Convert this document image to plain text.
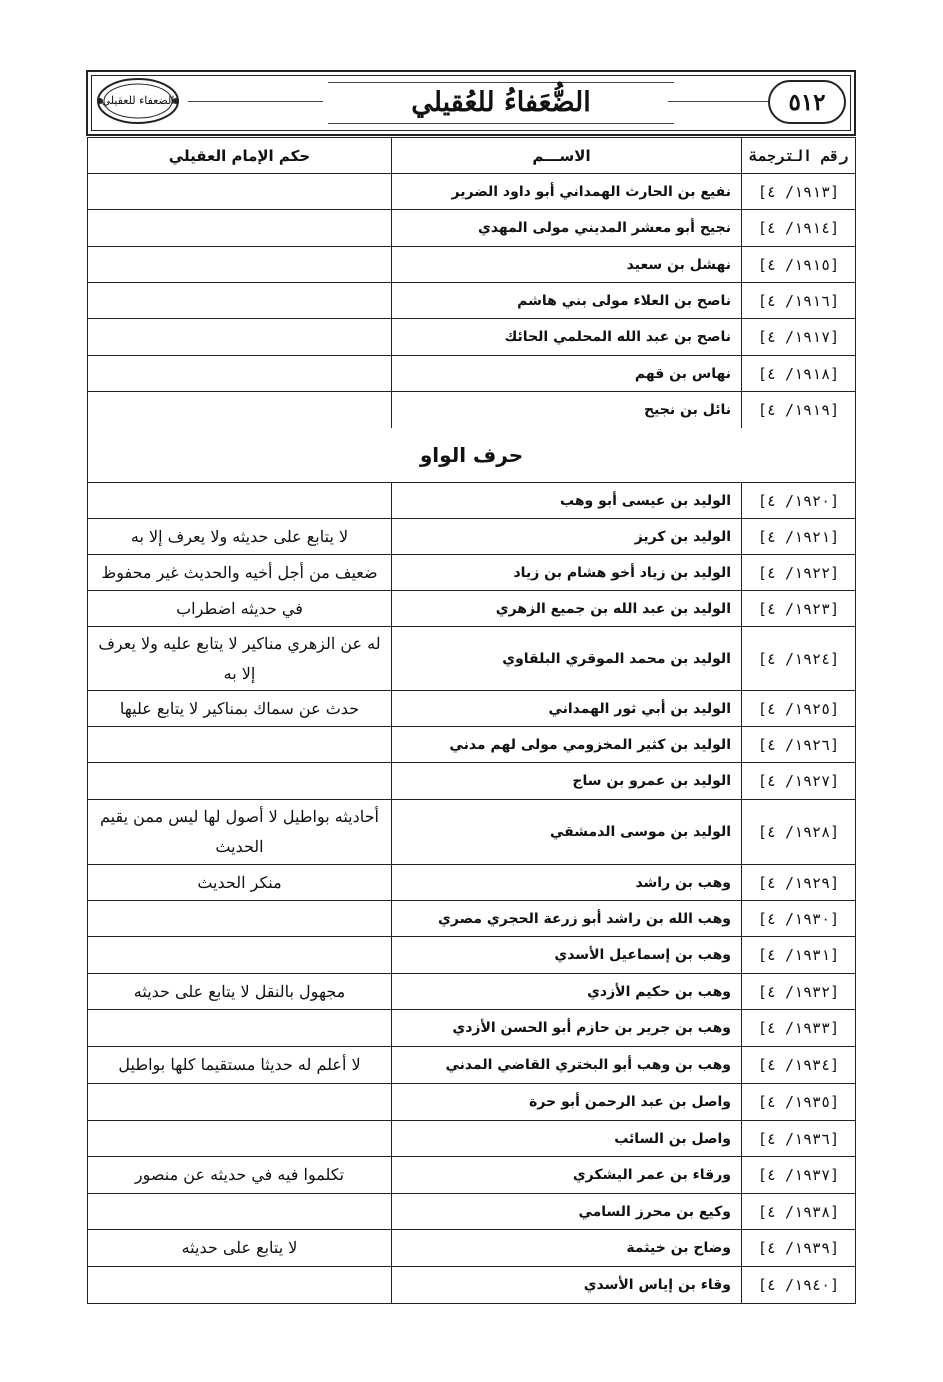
الضُّعَفاءُ للعُقيلي	٥١٢
الضعفاء للعقيلي
رقم الترجمة
الاســـم
حكم الإمام العقيلي
[١٩١٣/ ٤]
نفيع بن الحارث الهمداني أبو داود الضرير
[١٩١٤/ ٤]
نجيح أبو معشر المديني مولى المهدي
[١٩١٥/ ٤]
نهشل بن سعيد
[١٩١٦/ ٤]
ناصح بن العلاء مولى بني هاشم
[١٩١٧/ ٤]
ناصح بن عبد الله المحلمي الحائك
[١٩١٨/ ٤]
نهاس بن قهم
[١٩١٩/ ٤]
نائل بن نجيح
حرف الواو
[١٩٢٠/ ٤]
الوليد بن عيسى أبو وهب
[١٩٢١/ ٤]
الوليد بن كريز
لا يتابع على حديثه ولا يعرف إلا به
[١٩٢٢/ ٤]
الوليد بن زياد أخو هشام بن زياد
ضعيف من أجل أخيه والحديث غير محفوظ
[١٩٢٣/ ٤]
الوليد بن عبد الله بن جميع الزهري
في حديثه اضطراب
[١٩٢٤/ ٤]
الوليد بن محمد الموقري البلقاوي
له عن الزهري مناكير لا يتابع عليه ولا يعرف إلا به
[١٩٢٥/ ٤]
الوليد بن أبي ثور الهمداني
حدث عن سماك بمناكير لا يتابع عليها
[١٩٢٦/ ٤]
الوليد بن كثير المخزومي مولى لهم مدني
[١٩٢٧/ ٤]
الوليد بن عمرو بن ساج
[١٩٢٨/ ٤]
الوليد بن موسى الدمشقي
أحاديثه بواطيل لا أصول لها ليس ممن يقيم الحديث
[١٩٢٩/ ٤]
وهب بن راشد
منكر الحديث
[١٩٣٠/ ٤]
وهب الله بن راشد أبو زرعة الحجري مصري
[١٩٣١/ ٤]
وهب بن إسماعيل الأسدي
[١٩٣٢/ ٤]
وهب بن حكيم الأزدي
مجهول بالنقل لا يتابع على حديثه
[١٩٣٣/ ٤]
وهب بن جرير بن حازم أبو الحسن الأزدي
[١٩٣٤/ ٤]
وهب بن وهب أبو البختري القاضي المدني
لا أعلم له حديثا مستقيما كلها بواطيل
[١٩٣٥/ ٤]
واصل بن عبد الرحمن أبو حرة
[١٩٣٦/ ٤]
واصل بن السائب
[١٩٣٧/ ٤]
ورقاء بن عمر اليشكري
تكلموا فيه في حديثه عن منصور
[١٩٣٨/ ٤]
وكيع بن محرز السامي
[١٩٣٩/ ٤]
وضاح بن خيثمة
لا يتابع على حديثه
[١٩٤٠/ ٤]
وقاء بن إياس الأسدي
